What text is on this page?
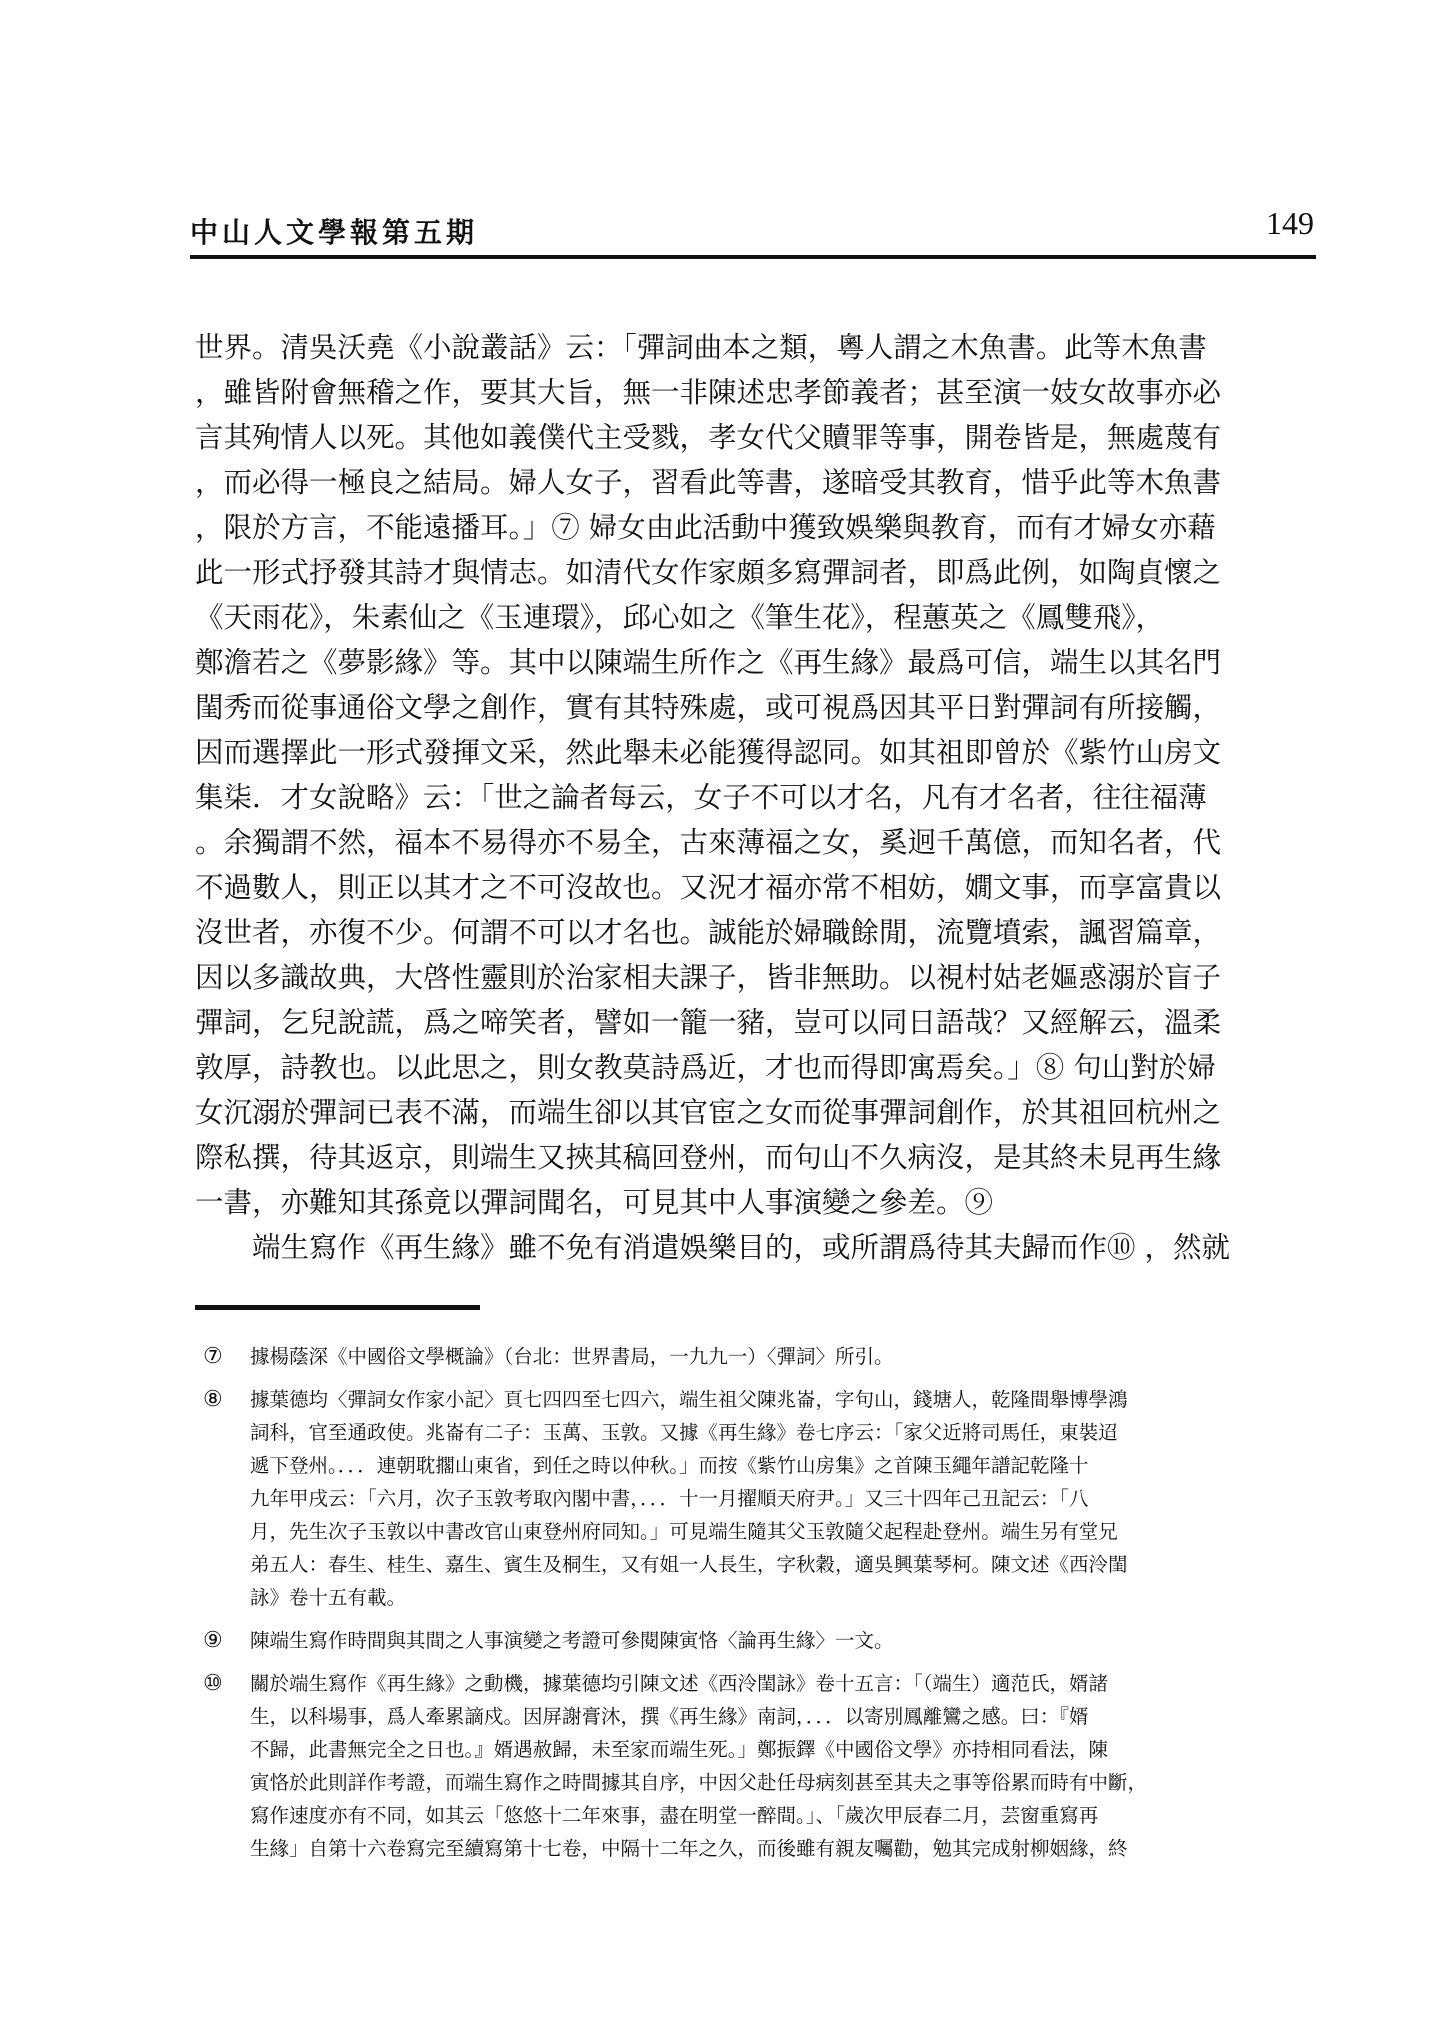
中山人文學報第五期	149
世界。清吳沃堯《小說叢話》云：「彈詞曲本之類，粵人謂之木魚書。此等木魚書
，雖皆附會無稽之作，要其大旨，無一非陳述忠孝節義者；甚至演一妓女故事亦必
言其殉情人以死。其他如義僕代主受戮，孝女代父贖罪等事，開卷皆是，無處蔑有
，而必得一極良之結局。婦人女子，習看此等書，遂暗受其教育，惜乎此等木魚書
，限於方言，不能遠播耳。」⑦ 婦女由此活動中獲致娛樂與教育，而有才婦女亦藉
此一形式抒發其詩才與情志。如清代女作家頗多寫彈詞者，即爲此例，如陶貞懷之
《天雨花》，朱素仙之《玉連環》，邱心如之《筆生花》，程蕙英之《鳳雙飛》，
鄭澹若之《夢影緣》等。其中以陳端生所作之《再生緣》最爲可信，端生以其名門
閨秀而從事通俗文學之創作，實有其特殊處，或可視爲因其平日對彈詞有所接觸，
因而選擇此一形式發揮文采，然此舉未必能獲得認同。如其祖即曾於《紫竹山房文
集柒．才女說略》云：「世之論者每云，女子不可以才名，凡有才名者，往往福薄
。余獨謂不然，福本不易得亦不易全，古來薄福之女，奚迥千萬億，而知名者，代
不過數人，則正以其才之不可沒故也。又況才福亦常不相妨，嫺文事，而享富貴以
沒世者，亦復不少。何謂不可以才名也。誠能於婦職餘閒，流覽墳索，諷習篇章，
因以多識故典，大啓性靈則於治家相夫課子，皆非無助。以視村姑老嫗惑溺於盲子
彈詞，乞兒說謊，爲之啼笑者，譬如一籠一豬，豈可以同日語哉？又經解云，溫柔
敦厚，詩教也。以此思之，則女教莫詩爲近，才也而得即寓焉矣。」⑧ 句山對於婦
女沉溺於彈詞已表不滿，而端生卻以其官宦之女而從事彈詞創作，於其祖回杭州之
際私撰，待其返京，則端生又挾其稿回登州，而句山不久病沒，是其終未見再生緣
一書，亦難知其孫竟以彈詞聞名，可見其中人事演變之參差。⑨
　　端生寫作《再生緣》雖不免有消遣娛樂目的，或所謂爲待其夫歸而作⑩ ，然就
⑦ 據楊蔭深《中國俗文學概論》（台北：世界書局，一九九一）〈彈詞〉所引。
⑧ 據葉德均〈彈詞女作家小記〉頁七四四至七四六，端生祖父陳兆崙，字句山，錢塘人，乾隆間舉博學鴻
詞科，官至通政使。兆崙有二子：玉萬、玉敦。又據《再生緣》卷七序云：「家父近將司馬任，東裝迢
遞下登州。．．．連朝耽擱山東省，到任之時以仲秋。」而按《紫竹山房集》之首陳玉繩年譜記乾隆十
九年甲戌云：「六月，次子玉敦考取內閣中書，．．．十一月擢順天府尹。」又三十四年己丑記云：「八
月，先生次子玉敦以中書改官山東登州府同知。」可見端生隨其父玉敦隨父起程赴登州。端生另有堂兄
弟五人：春生、桂生、嘉生、賓生及桐生，又有姐一人長生，字秋穀，適吳興葉琴柯。陳文述《西泠閨
詠》卷十五有載。
⑨ 陳端生寫作時間與其間之人事演變之考證可參閱陳寅恪〈論再生緣〉一文。
⑩ 關於端生寫作《再生緣》之動機，據葉德均引陳文述《西泠閨詠》卷十五言：「（端生）適范氏，婿諸
生，以科場事，爲人牽累謫戍。因屏謝膏沐，撰《再生緣》南詞，．．．以寄別鳳離鸞之感。曰：『婿
不歸，此書無完全之日也。』婿遇赦歸，未至家而端生死。」鄭振鐸《中國俗文學》亦持相同看法，陳
寅恪於此則詳作考證，而端生寫作之時間據其自序，中因父赴任母病刻甚至其夫之事等俗累而時有中斷，
寫作速度亦有不同，如其云「悠悠十二年來事，盡在明堂一醉間。」、「歲次甲辰春二月，芸窗重寫再
生緣」自第十六卷寫完至續寫第十七卷，中隔十二年之久，而後雖有親友囑勸，勉其完成射柳姻緣，終
